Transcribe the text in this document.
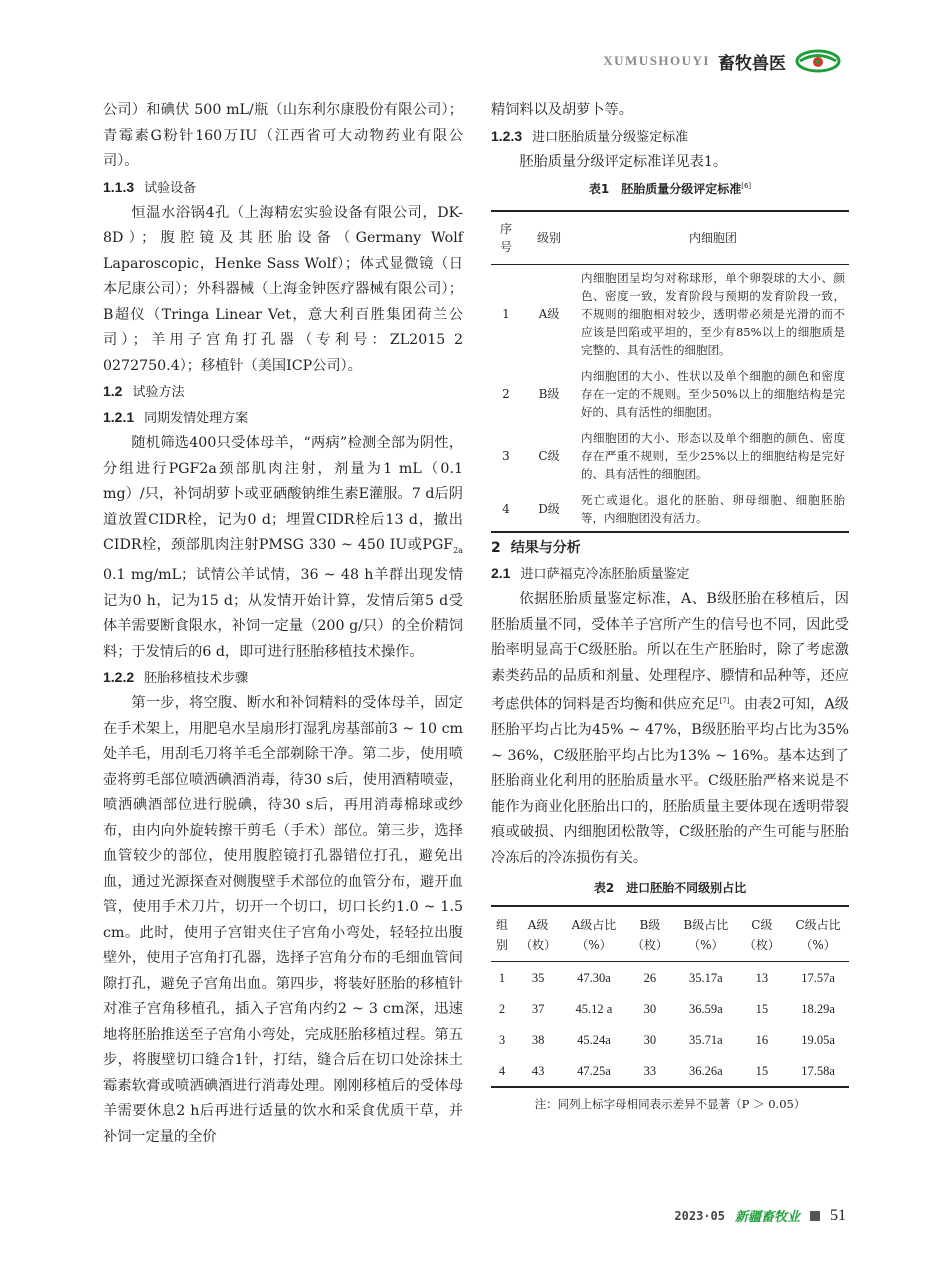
XUMUSHOUYI 畜牧兽医

公司）和碘伏 500 mL/瓶（山东利尔康股份有限公司）；青霉素G粉针160万IU（江西省可大动物药业有限公司）。

1.1.3 试验设备

恒温水浴锅4孔（上海精宏实验设备有限公司，DK-8D）；腹腔镜及其胚胎设备（Germany Wolf Laparoscopic，Henke Sass Wolf）；体式显微镜（日本尼康公司）；外科器械（上海金钟医疗器械有限公司）；B超仪（Tringa Linear Vet，意大利百胜集团荷兰公司）；羊用子宫角打孔器（专利号：ZL2015 2 0272750.4）；移植针（美国ICP公司）。

1.2 试验方法
1.2.1 同期发情处理方案

随机筛选400只受体母羊，“两病”检测全部为阴性，分组进行PGF2a颈部肌肉注射，剂量为1 mL（0.1 mg）/只，补饲胡萝卜或亚硒酸钠维生素E灌服。7 d后阴道放置CIDR栓，记为0 d；埋置CIDR栓后13 d，撤出CIDR栓，颈部肌肉注射PMSG 330 ~ 450 IU或$PGF_{2a}$ 0.1 mg/mL；试情公羊试情，36 ~ 48 h羊群出现发情记为0 h，记为15 d；从发情开始计算，发情后第5 d受体羊需要断食限水，补饲一定量（200 g/只）的全价精饲料；于发情后的6 d，即可进行胚胎移植技术操作。

1.2.2 胚胎移植技术步骤

第一步，将空腹、断水和补饲精料的受体母羊，固定在手术架上，用肥皂水呈扇形打湿乳房基部前3 ~ 10 cm处羊毛，用刮毛刀将羊毛全部剃除干净。第二步，使用喷壶将剪毛部位喷洒碘酒消毒，待30 s后，使用酒精喷壶，喷洒碘酒部位进行脱碘，待30 s后，再用消毒棉球或纱布，由内向外旋转擦干剪毛（手术）部位。第三步，选择血管较少的部位，使用腹腔镜打孔器错位打孔，避免出血，通过光源探查对侧腹壁手术部位的血管分布，避开血管，使用手术刀片，切开一个切口，切口长约1.0 ~ 1.5 cm。此时，使用子宫钳夹住子宫角小弯处，轻轻拉出腹壁外，使用子宫角打孔器，选择子宫角分布的毛细血管间隙打孔，避免子宫角出血。第四步，将装好胚胎的移植针对准子宫角移植孔，插入子宫角内约2 ~ 3 cm深，迅速地将胚胎推送至子宫角小弯处，完成胚胎移植过程。第五步，将腹壁切口缝合1针，打结，缝合后在切口处涂抹土霉素软膏或喷洒碘酒进行消毒处理。刚刚移植后的受体母羊需要休息2 h后再进行适量的饮水和采食优质干草，并补饲一定量的全价

精饲料以及胡萝卜等。

1.2.3 进口胚胎质量分级鉴定标准

胚胎质量分级评定标准详见表1。

表1　胚胎质量分级评定标准[6]
序号	级别	内细胞团
1	A级	内细胞团呈均匀对称球形，单个卵裂球的大小、颜色、密度一致，发育阶段与预期的发育阶段一致，不规则的细胞相对较少，透明带必须是光滑的而不应该是凹陷或平坦的，至少有85%以上的细胞质是完整的、具有活性的细胞团。
2	B级	内细胞团的大小、性状以及单个细胞的颜色和密度存在一定的不规则。至少50%以上的细胞结构是完好的、具有活性的细胞团。
3	C级	内细胞团的大小、形态以及单个细胞的颜色、密度存在严重不规则，至少25%以上的细胞结构是完好的、具有活性的细胞团。
4	D级	死亡或退化。退化的胚胎、卵母细胞、细胞胚胎等，内细胞团没有活力。
2 结果与分析
2.1 进口萨福克冷冻胚胎质量鉴定

依据胚胎质量鉴定标准，A、B级胚胎在移植后，因胚胎质量不同，受体羊子宫所产生的信号也不同，因此受胎率明显高于C级胚胎。所以在生产胚胎时，除了考虑激素类药品的品质和剂量、处理程序、膘情和品种等，还应考虑供体的饲料是否均衡和供应充足[7]。由表2可知，A级胚胎平均占比为45% ~ 47%，B级胚胎平均占比为35% ~ 36%，C级胚胎平均占比为13% ~ 16%。基本达到了胚胎商业化利用的胚胎质量水平。C级胚胎严格来说是不能作为商业化胚胎出口的，胚胎质量主要体现在透明带裂痕或破损、内细胞团松散等，C级胚胎的产生可能与胚胎冷冻后的冷冻损伤有关。

表2　进口胚胎不同级别占比
组别	A级（枚）	A级占比（%）	B级（枚）	B级占比（%）	C级（枚）	C级占比（%）
1	35	47.30a	26	35.17a	13	17.57a
2	37	45.12 a	30	36.59a	15	18.29a
3	38	45.24a	30	35.71a	16	19.05a
4	43	47.25a	33	36.26a	15	17.58a
注：同列上标字母相同表示差异不显著（P ＞ 0.05）
2023·05 新疆畜牧业 51
